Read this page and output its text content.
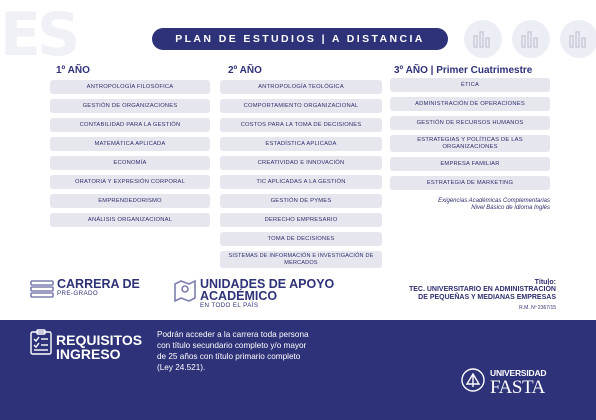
ES	PLAN DE ESTUDIOS | A DISTANCIA
1º AÑO
ANTROPOLOGÍA FILOSÓFICA
GESTIÓN DE ORGANIZACIONES
CONTABILIDAD PARA LA GESTIÓN
MATEMÁTICA APLICADA
ECONOMÍA
ORATORIA Y EXPRESIÓN CORPORAL
EMPRENDEDORISMO
ANÁLISIS ORGANIZACIONAL
2º AÑO
ANTROPOLOGÍA TEOLÓGICA
COMPORTAMIENTO ORGANIZACIONAL
COSTOS PARA LA TOMA DE DECISIONES
ESTADÍSTICA APLICADA
CREATIVIDAD E INNOVACIÓN
TIC APLICADAS A LA GESTIÓN
GESTIÓN DE PYMES
DERECHO EMPRESARIO
TOMA DE DECISIONES
SISTEMAS DE INFORMACIÓN E INVESTIGACIÓN DE MERCADOS
3º AÑO | Primer Cuatrimestre
ÉTICA
ADMINISTRACIÓN DE OPERACIONES
GESTIÓN DE RECURSOS HUMANOS
ESTRATEGIAS Y POLÍTICAS DE LAS ORGANIZACIONES
EMPRESA FAMILIAR
ESTRATEGIA DE MARKETING
Exigencias Académicas Complementarias
Nivel Básico de Idioma Inglés
CARRERA DE
PRE-GRADO
UNIDADES DE APOYO
ACADÉMICO
EN TODO EL PAÍS
Título:
TEC. UNIVERSITARIO EN ADMINISTRACIÓN
DE PEQUEÑAS Y MEDIANAS EMPRESAS
R.M. Nº 2367/15
REQUISITOS
INGRESO
Podrán acceder a la carrera toda persona con título secundario completo y/o mayor de 25 años con título primario completo (Ley 24.521).
UNIVERSIDAD
FASTA
